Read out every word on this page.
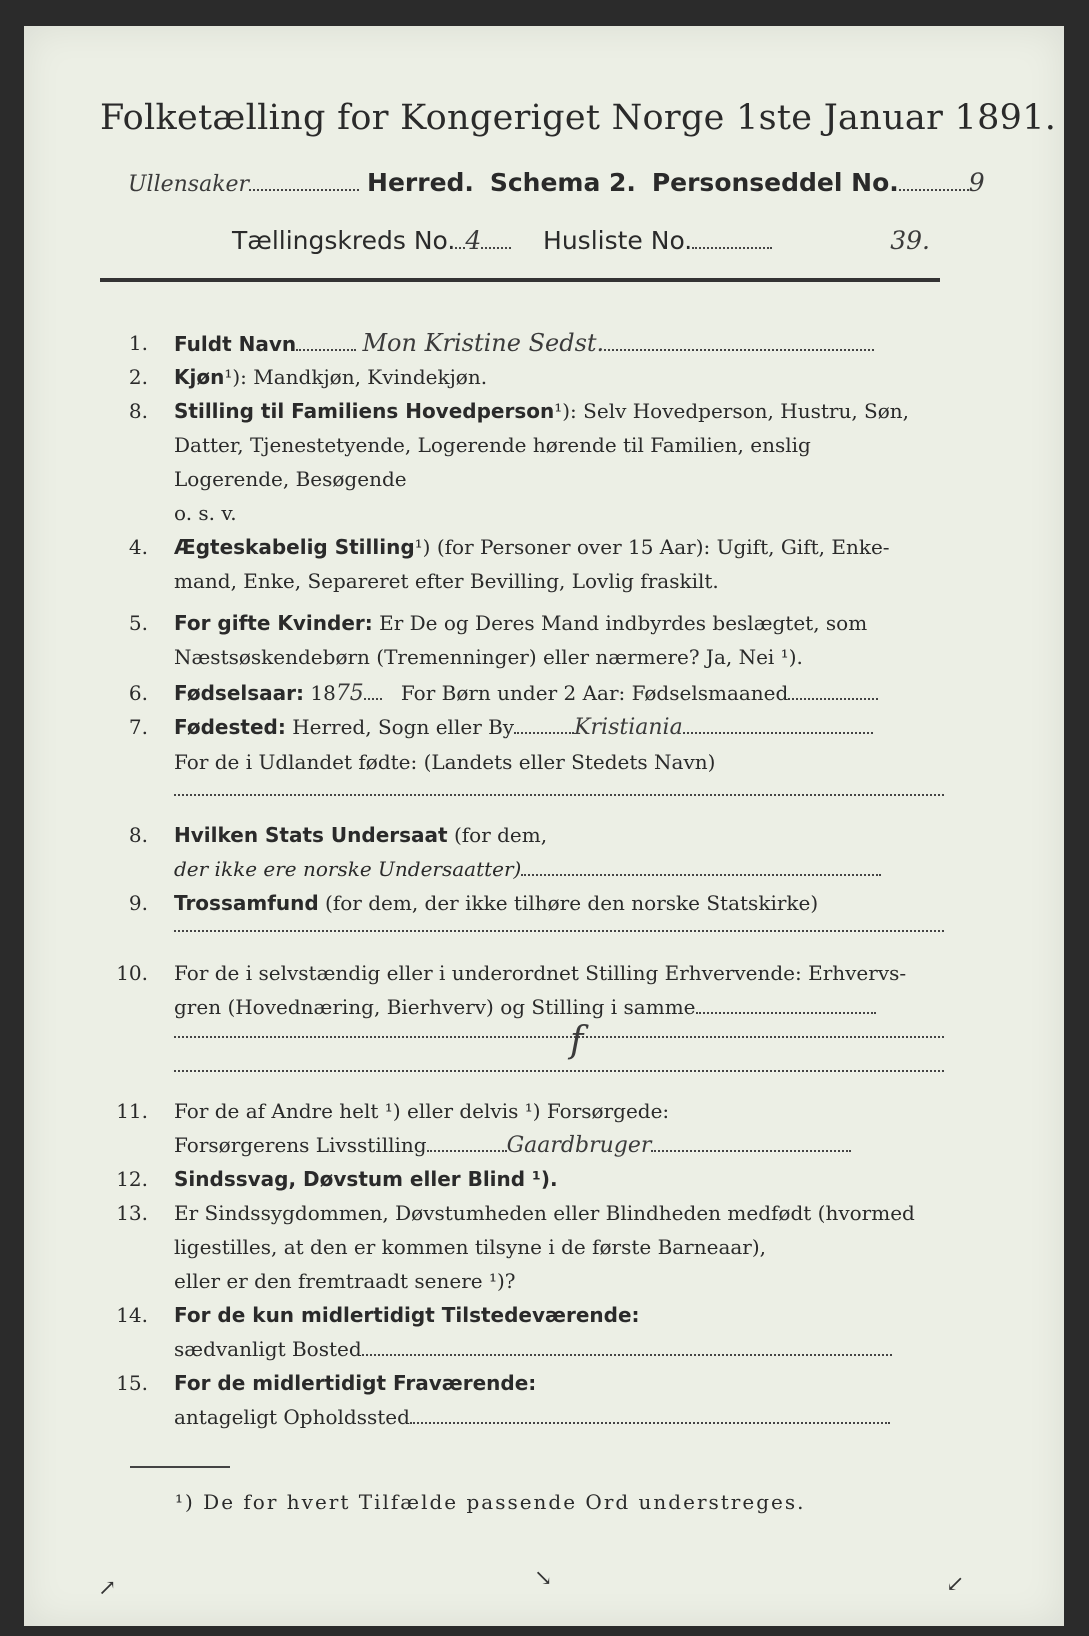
Folketælling for Kongeriget Norge 1ste Januar 1891.
Ullensaker	Herred. Schema 2. Personseddel No.	9
Tællingskreds No. 4 Husliste No.	39.
1. Fuldt Navn	Mon Kristine Sedst.
2. Kjøn¹): Mandkjøn, Kvindekjøn.
8. Stilling til Familiens Hovedperson¹): Selv Hovedperson, Hustru, Søn,
Datter, Tjenestetyende, Logerende hørende til Familien, enslig
Logerende, Besøgende
o. s. v.
4. Ægteskabelig Stilling¹) (for Personer over 15 Aar): Ugift, Gift, Enke-
mand, Enke, Separeret efter Bevilling, Lovlig fraskilt.
5. For gifte Kvinder: Er De og Deres Mand indbyrdes beslægtet, som
Næstsøskendebørn (Tremenninger) eller nærmere? Ja, Nei ¹).
6. Fødselsaar: 1875 For Børn under 2 Aar: Fødselsmaaned
7. Fødested: Herred, Sogn eller By	Kristiania
For de i Udlandet fødte: (Landets eller Stedets Navn)
8. Hvilken Stats Undersaat (for dem,
der ikke ere norske Undersaatter)
9. Trossamfund (for dem, der ikke tilhøre den norske Statskirke)
10. For de i selvstændig eller i underordnet Stilling Erhvervende: Erhvervs-
gren (Hovednæring, Bierhverv) og Stilling i samme
f
11. For de af Andre helt ¹) eller delvis ¹) Forsørgede:
Forsørgerens Livsstilling	Gaardbruger
12. Sindssvag, Døvstum eller Blind ¹).
13. Er Sindssygdommen, Døvstumheden eller Blindheden medfødt (hvormed
ligestilles, at den er kommen tilsyne i de første Barneaar),
eller er den fremtraadt senere ¹)?
14. For de kun midlertidigt Tilstedeværende:
sædvanligt Bosted
15. For de midlertidigt Fraværende:
antageligt Opholdssted
¹) De for hvert Tilfælde passende Ord understreges.
↗	↘	↙
